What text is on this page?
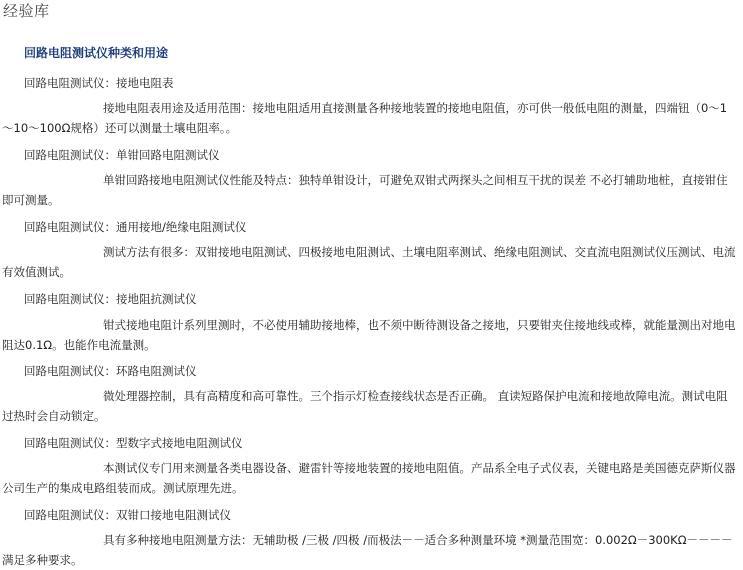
经验库
回路电阻测试仪种类和用途
回路电阻测试仪：接地电阻表
接地电阻表用途及适用范围：接地电阻适用直接测量各种接地装置的接地电阻值，亦可供一般低电阻的测量，四端钮（0～1～10～100Ω规格）还可以测量土壤电阻率。。
回路电阻测试仪：单钳回路电阻测试仪
单钳回路接地电阻测试仪性能及特点：独特单钳设计，可避免双钳式两探头之间相互干扰的误差 不必打辅助地桩，直接钳住即可测量。
回路电阻测试仪：通用接地/绝缘电阻测试仪
测试方法有很多：双钳接地电阻测试、四极接地电阻测试、土壤电阻率测试、绝缘电阻测试、交直流电阻测试仪压测试、电流有效值测试。
回路电阻测试仪：接地阻抗测试仪
钳式接地电阻计系列里测时，不必使用辅助接地棒，也不须中断待测设备之接地，只要钳夹住接地线或棒，就能量测出对地电阻达0.1Ω。也能作电流量测。
回路电阻测试仪：环路电阻测试仪
微处理器控制，具有高精度和高可靠性。三个指示灯检查接线状态是否正确。 直读短路保护电流和接地故障电流。测试电阻过热时会自动锁定。
回路电阻测试仪：型数字式接地电阻测试仪
本测试仪专门用来测量各类电器设备、避雷针等接地装置的接地电阻值。产品系全电子式仪表，关键电路是美国德克萨斯仪器公司生产的集成电路组装而成。测试原理先进。
回路电阻测试仪：双钳口接地电阻测试仪
具有多种接地电阻测量方法：无辅助极 /三极 /四极 /而极法－－适合多种测量环境 *测量范围宽：0.002Ω－300KΩ－－－－满足多种要求。
